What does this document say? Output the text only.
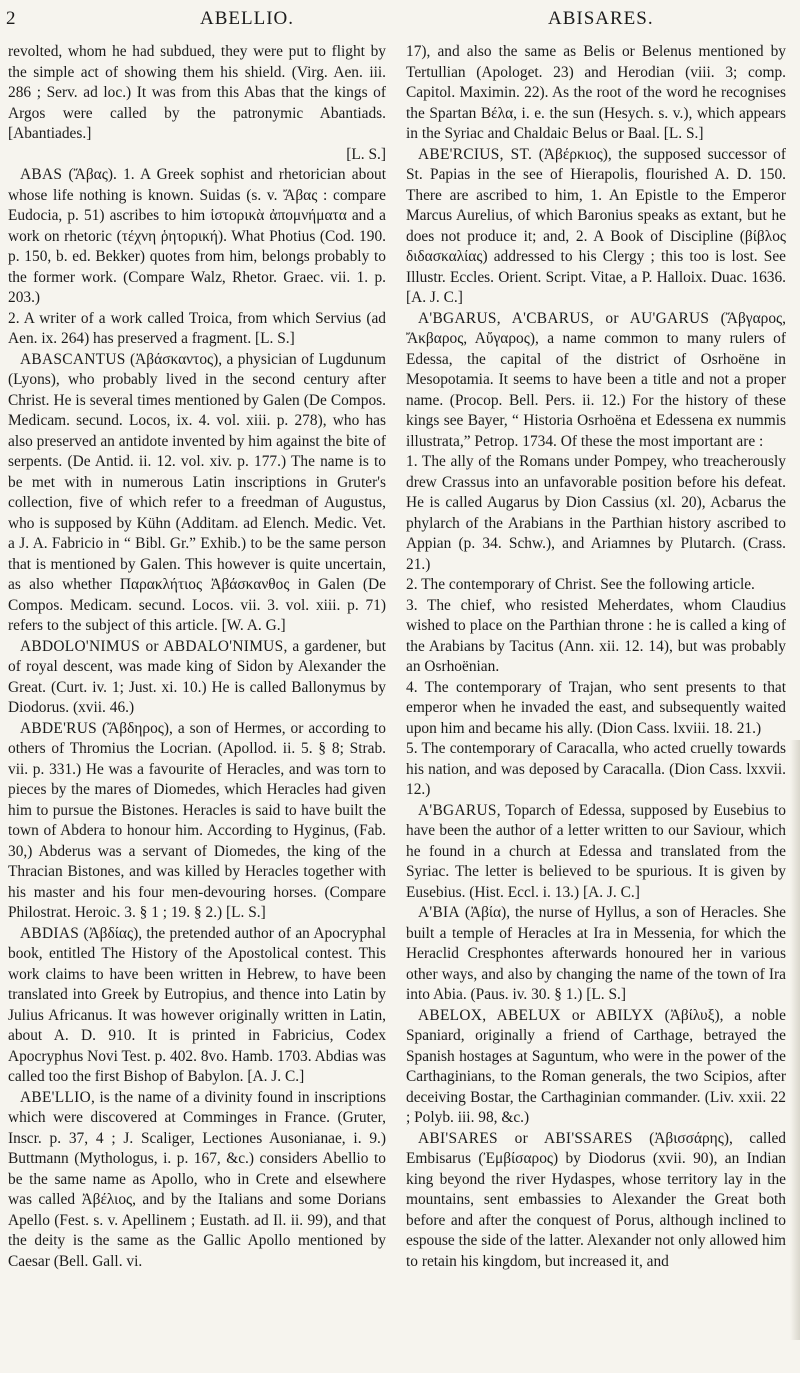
2	ABELLIO.	ABISARES.

revolted, whom he had subdued, they were put to flight by the simple act of showing them his shield. (Virg. Aen. iii. 286 ; Serv. ad loc.) It was from this Abas that the kings of Argos were called by the patronymic Abantiads. [Abantiades.]

[L. S.]

ABAS (Ἄβας). 1. A Greek sophist and rhetorician about whose life nothing is known. Suidas (s. v. Ἄβας : compare Eudocia, p. 51) ascribes to him ἱστορικὰ ἀπομνήματα and a work on rhetoric (τέχνη ῥητορική). What Photius (Cod. 190. p. 150, b. ed. Bekker) quotes from him, belongs probably to the former work. (Compare Walz, Rhetor. Graec. vii. 1. p. 203.)

2. A writer of a work called Troica, from which Servius (ad Aen. ix. 264) has preserved a fragment. [L. S.]

ABASCANTUS (Ἀβάσκαντος), a physician of Lugdunum (Lyons), who probably lived in the second century after Christ. He is several times mentioned by Galen (De Compos. Medicam. secund. Locos, ix. 4. vol. xiii. p. 278), who has also preserved an antidote invented by him against the bite of serpents. (De Antid. ii. 12. vol. xiv. p. 177.) The name is to be met with in numerous Latin inscriptions in Gruter's collection, five of which refer to a freedman of Augustus, who is supposed by Kühn (Additam. ad Elench. Medic. Vet. a J. A. Fabricio in “ Bibl. Gr.” Exhib.) to be the same person that is mentioned by Galen. This however is quite uncertain, as also whether Παρακλήτιος Ἀβάσκανθος in Galen (De Compos. Medicam. secund. Locos. vii. 3. vol. xiii. p. 71) refers to the subject of this article. [W. A. G.]

ABDOLO'NIMUS or ABDALO'NIMUS, a gardener, but of royal descent, was made king of Sidon by Alexander the Great. (Curt. iv. 1; Just. xi. 10.) He is called Ballonymus by Diodorus. (xvii. 46.)

ABDE'RUS (Ἄβδηρος), a son of Hermes, or according to others of Thromius the Locrian. (Apollod. ii. 5. § 8; Strab. vii. p. 331.) He was a favourite of Heracles, and was torn to pieces by the mares of Diomedes, which Heracles had given him to pursue the Bistones. Heracles is said to have built the town of Abdera to honour him. According to Hyginus, (Fab. 30,) Abderus was a servant of Diomedes, the king of the Thracian Bistones, and was killed by Heracles together with his master and his four men-devouring horses. (Compare Philostrat. Heroic. 3. § 1 ; 19. § 2.) [L. S.]

ABDIAS (Ἀβδίας), the pretended author of an Apocryphal book, entitled The History of the Apostolical contest. This work claims to have been written in Hebrew, to have been translated into Greek by Eutropius, and thence into Latin by Julius Africanus. It was however originally written in Latin, about A. D. 910. It is printed in Fabricius, Codex Apocryphus Novi Test. p. 402. 8vo. Hamb. 1703. Abdias was called too the first Bishop of Babylon. [A. J. C.]

ABE'LLIO, is the name of a divinity found in inscriptions which were discovered at Comminges in France. (Gruter, Inscr. p. 37, 4 ; J. Scaliger, Lectiones Ausonianae, i. 9.) Buttmann (Mythologus, i. p. 167, &c.) considers Abellio to be the same name as Apollo, who in Crete and elsewhere was called Ἀβέλιος, and by the Italians and some Dorians Apello (Fest. s. v. Apellinem ; Eustath. ad Il. ii. 99), and that the deity is the same as the Gallic Apollo mentioned by Caesar (Bell. Gall. vi.

17), and also the same as Belis or Belenus mentioned by Tertullian (Apologet. 23) and Herodian (viii. 3; comp. Capitol. Maximin. 22). As the root of the word he recognises the Spartan Βέλα, i. e. the sun (Hesych. s. v.), which appears in the Syriac and Chaldaic Belus or Baal. [L. S.]

ABE'RCIUS, ST. (Ἀβέρκιος), the supposed successor of St. Papias in the see of Hierapolis, flourished A. D. 150. There are ascribed to him, 1. An Epistle to the Emperor Marcus Aurelius, of which Baronius speaks as extant, but he does not produce it; and, 2. A Book of Discipline (βίβλος διδασκαλίας) addressed to his Clergy ; this too is lost. See Illustr. Eccles. Orient. Script. Vitae, a P. Halloix. Duac. 1636. [A. J. C.]

A'BGARUS, A'CBARUS, or AU'GARUS (Ἄβγαρος, Ἄκβαρος, Αὔγαρος), a name common to many rulers of Edessa, the capital of the district of Osrhoëne in Mesopotamia. It seems to have been a title and not a proper name. (Procop. Bell. Pers. ii. 12.) For the history of these kings see Bayer, “ Historia Osrhoëna et Edessena ex nummis illustrata,” Petrop. 1734. Of these the most important are :

1. The ally of the Romans under Pompey, who treacherously drew Crassus into an unfavorable position before his defeat. He is called Augarus by Dion Cassius (xl. 20), Acbarus the phylarch of the Arabians in the Parthian history ascribed to Appian (p. 34. Schw.), and Ariamnes by Plutarch. (Crass. 21.)

2. The contemporary of Christ. See the following article.

3. The chief, who resisted Meherdates, whom Claudius wished to place on the Parthian throne : he is called a king of the Arabians by Tacitus (Ann. xii. 12. 14), but was probably an Osrhoënian.

4. The contemporary of Trajan, who sent presents to that emperor when he invaded the east, and subsequently waited upon him and became his ally. (Dion Cass. lxviii. 18. 21.)

5. The contemporary of Caracalla, who acted cruelly towards his nation, and was deposed by Caracalla. (Dion Cass. lxxvii. 12.)

A'BGARUS, Toparch of Edessa, supposed by Eusebius to have been the author of a letter written to our Saviour, which he found in a church at Edessa and translated from the Syriac. The letter is believed to be spurious. It is given by Eusebius. (Hist. Eccl. i. 13.) [A. J. C.]

A'BIA (Ἀβία), the nurse of Hyllus, a son of Heracles. She built a temple of Heracles at Ira in Messenia, for which the Heraclid Cresphontes afterwards honoured her in various other ways, and also by changing the name of the town of Ira into Abia. (Paus. iv. 30. § 1.) [L. S.]

ABELOX, ABELUX or ABILYX (Ἀβίλυξ), a noble Spaniard, originally a friend of Carthage, betrayed the Spanish hostages at Saguntum, who were in the power of the Carthaginians, to the Roman generals, the two Scipios, after deceiving Bostar, the Carthaginian commander. (Liv. xxii. 22 ; Polyb. iii. 98, &c.)

ABI'SARES or ABI'SSARES (Ἀβισσάρης), called Embisarus (Ἐμβίσαρος) by Diodorus (xvii. 90), an Indian king beyond the river Hydaspes, whose territory lay in the mountains, sent embassies to Alexander the Great both before and after the conquest of Porus, although inclined to espouse the side of the latter. Alexander not only allowed him to retain his kingdom, but increased it, and
